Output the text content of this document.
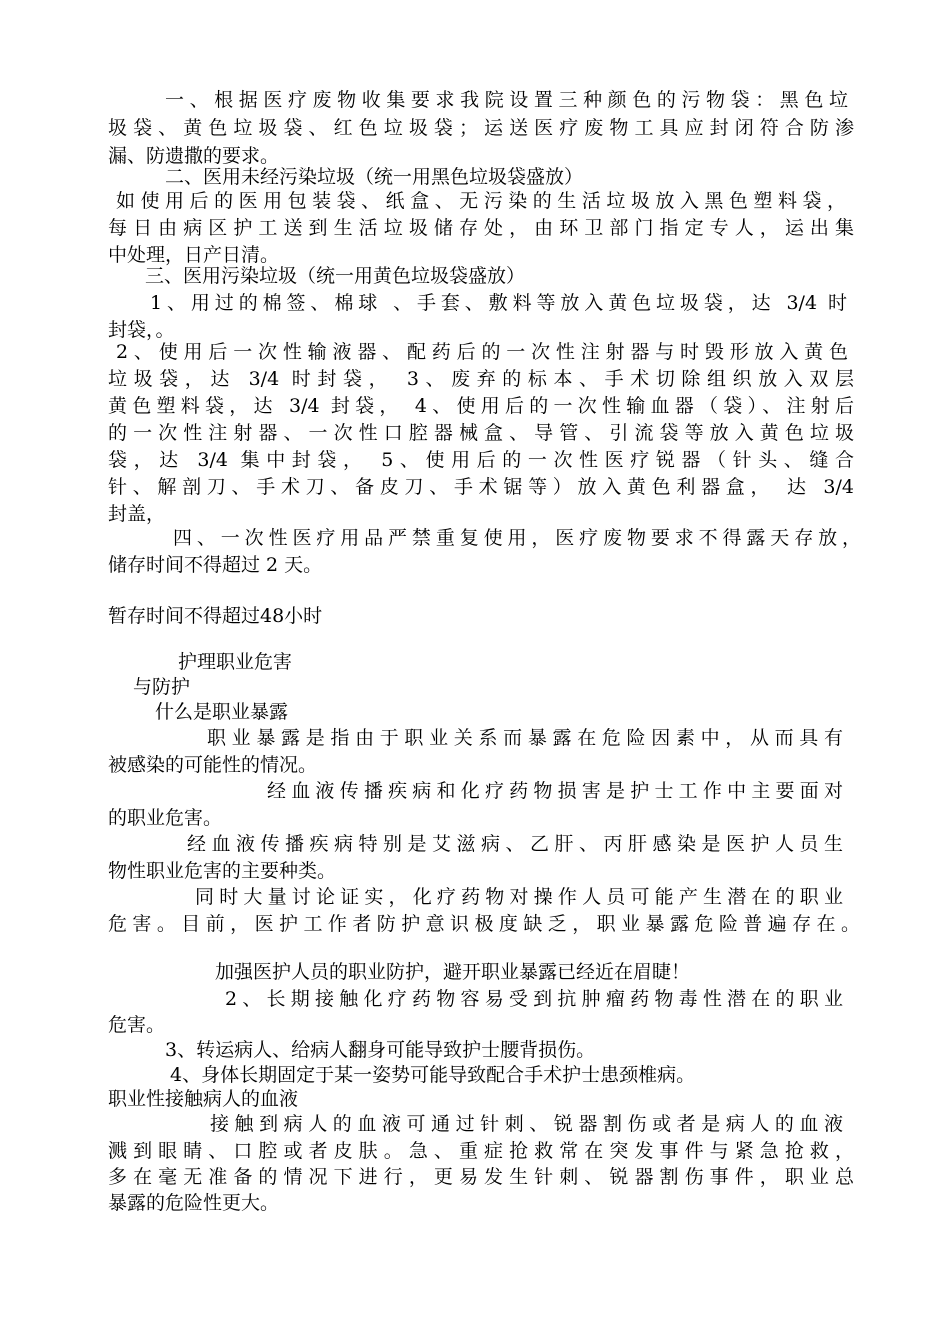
一、根据医疗废物收集要求我院设置三种颜色的污物袋：黑色垃
圾袋、黄色垃圾袋、红色垃圾袋；运送医疗废物工具应封闭符合防渗
漏、防遗撒的要求。
二、医用未经污染垃圾（统一用黑色垃圾袋盛放）
如使用后的医用包装袋、纸盒、无污染的生活垃圾放入黑色塑料袋，
每日由病区护工送到生活垃圾储存处，由环卫部门指定专人，运出集
中处理，日产日清。
三、医用污染垃圾（统一用黄色垃圾袋盛放）
1、用过的棉签、棉球 、手套、敷料等放入黄色垃圾袋，达 3/4 时
封袋，。
2、使用后一次性输液器、配药后的一次性注射器与时毁形放入黄色
垃圾袋，达 3/4 时封袋， 3、废弃的标本、手术切除组织放入双层
黄色塑料袋，达 3/4 封袋， 4、使用后的一次性输血器（袋）、注射后
的一次性注射器、一次性口腔器械盒、导管、引流袋等放入黄色垃圾
袋，达 3/4 集中封袋， 5、使用后的一次性医疗锐器（针头、缝合
针、解剖刀、手术刀、备皮刀、手术锯等）放入黄色利器盒， 达 3/4
封盖，
四、一次性医疗用品严禁重复使用，医疗废物要求不得露天存放，
储存时间不得超过 2 天。
暂存时间不得超过48小时
护理职业危害
与防护
什么是职业暴露
职业暴露是指由于职业关系而暴露在危险因素中，从而具有
被感染的可能性的情况。
经血液传播疾病和化疗药物损害是护士工作中主要面对
的职业危害。
经血液传播疾病特别是艾滋病、乙肝、丙肝感染是医护人员生
物性职业危害的主要种类。
同时大量讨论证实，化疗药物对操作人员可能产生潜在的职业
危害。目前，医护工作者防护意识极度缺乏，职业暴露危险普遍存在。
加强医护人员的职业防护，避开职业暴露已经近在眉睫！
2、长期接触化疗药物容易受到抗肿瘤药物毒性潜在的职业
危害。
3、转运病人、给病人翻身可能导致护士腰背损伤。
4、身体长期固定于某一姿势可能导致配合手术护士患颈椎病。
职业性接触病人的血液
接触到病人的血液可通过针刺、锐器割伤或者是病人的血液
溅到眼睛、口腔或者皮肤。急、重症抢救常在突发事件与紧急抢救，
多在毫无准备的情况下进行，更易发生针刺、锐器割伤事件，职业总
暴露的危险性更大。
